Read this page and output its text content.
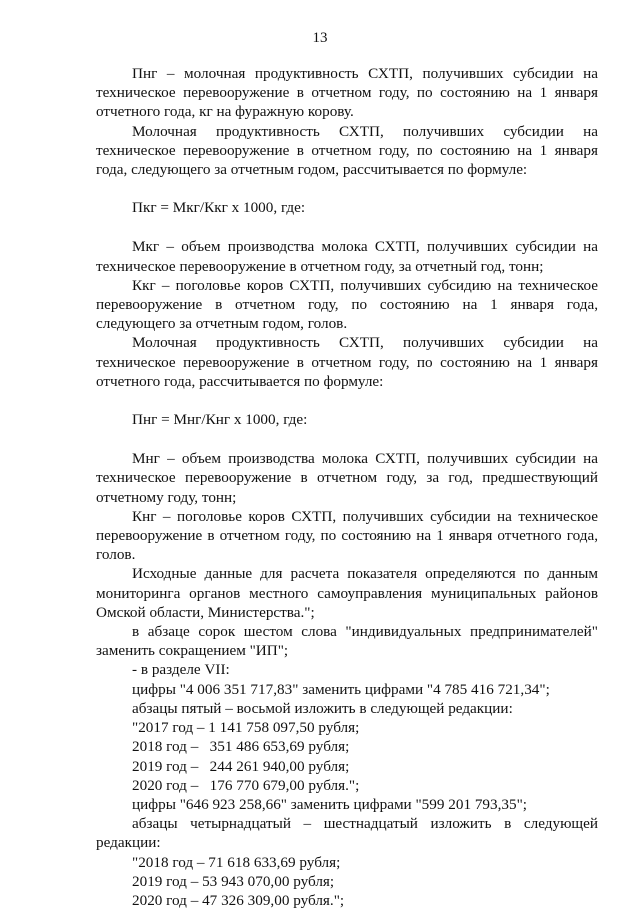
13

Пнг – молочная продуктивность СХТП, получивших субсидии на техническое перевооружение в отчетном году, по состоянию на 1 января отчетного года, кг на фуражную корову.

Молочная продуктивность СХТП, получивших субсидии на техническое перевооружение в отчетном году, по состоянию на 1 января года, следующего за отчетным годом, рассчитывается по формуле:

Пкг = Мкг/Ккг х 1000, где:

Мкг – объем производства молока СХТП, получивших субсидии на техническое перевооружение в отчетном году, за отчетный год, тонн;

Ккг – поголовье коров СХТП, получивших субсидию на техническое перевооружение в отчетном году, по состоянию на 1 января года, следующего за отчетным годом, голов.

Молочная продуктивность СХТП, получивших субсидии на техническое перевооружение в отчетном году, по состоянию на 1 января отчетного года, рассчитывается по формуле:

Пнг = Мнг/Кнг х 1000, где:

Мнг – объем производства молока СХТП, получивших субсидии на техническое перевооружение в отчетном году, за год, предшествующий отчетному году, тонн;

Кнг – поголовье коров СХТП, получивших субсидии на техническое перевооружение в отчетном году, по состоянию на 1 января отчетного года, голов.

Исходные данные для расчета показателя определяются по данным мониторинга органов местного самоуправления муниципальных районов Омской области, Министерства.";

в абзаце сорок шестом слова "индивидуальных предпринимателей" заменить сокращением "ИП";

- в разделе VII:

цифры "4 006 351 717,83" заменить цифрами "4 785 416 721,34";

абзацы пятый – восьмой изложить в следующей редакции:

"2017 год – 1 141 758 097,50 рубля;

2018 год –   351 486 653,69 рубля;

2019 год –   244 261 940,00 рубля;

2020 год –   176 770 679,00 рубля.";

цифры "646 923 258,66" заменить цифрами "599 201 793,35";

абзацы четырнадцатый – шестнадцатый изложить в следующей редакции:

"2018 год – 71 618 633,69 рубля;

2019 год – 53 943 070,00 рубля;

2020 год – 47 326 309,00 рубля.";
